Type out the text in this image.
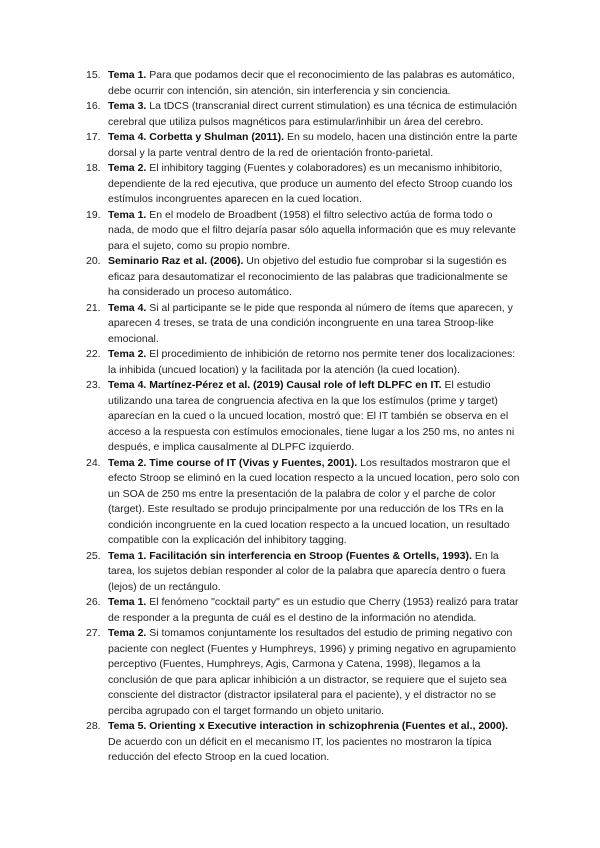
15. Tema 1. Para que podamos decir que el reconocimiento de las palabras es automático, debe ocurrir con intención, sin atención, sin interferencia y sin conciencia.
16. Tema 3. La tDCS (transcranial direct current stimulation) es una técnica de estimulación cerebral que utiliza pulsos magnéticos para estimular/inhibir un área del cerebro.
17. Tema 4. Corbetta y Shulman (2011). En su modelo, hacen una distinción entre la parte dorsal y la parte ventral dentro de la red de orientación fronto-parietal.
18. Tema 2. El inhibitory tagging (Fuentes y colaboradores) es un mecanismo inhibitorio, dependiente de la red ejecutiva, que produce un aumento del efecto Stroop cuando los estímulos incongruentes aparecen en la cued location.
19. Tema 1. En el modelo de Broadbent (1958) el filtro selectivo actúa de forma todo o nada, de modo que el filtro dejaría pasar sólo aquella información que es muy relevante para el sujeto, como su propio nombre.
20. Seminario Raz et al. (2006). Un objetivo del estudio fue comprobar si la sugestión es eficaz para desautomatizar el reconocimiento de las palabras que tradicionalmente se ha considerado un proceso automático.
21. Tema 4. Si al participante se le pide que responda al número de ítems que aparecen, y aparecen 4 treses, se trata de una condición incongruente en una tarea Stroop-like emocional.
22. Tema 2. El procedimiento de inhibición de retorno nos permite tener dos localizaciones: la inhibida (uncued location) y la facilitada por la atención (la cued location).
23. Tema 4. Martínez-Pérez et al. (2019) Causal role of left DLPFC en IT. El estudio utilizando una tarea de congruencia afectiva en la que los estímulos (prime y target) aparecían en la cued o la uncued location, mostró que: El IT también se observa en el acceso a la respuesta con estímulos emocionales, tiene lugar a los 250 ms, no antes ni después, e implica causalmente al DLPFC izquierdo.
24. Tema 2. Time course of IT (Vivas y Fuentes, 2001). Los resultados mostraron que el efecto Stroop se eliminó en la cued location respecto a la uncued location, pero solo con un SOA de 250 ms entre la presentación de la palabra de color y el parche de color (target). Este resultado se produjo principalmente por una reducción de los TRs en la condición incongruente en la cued location respecto a la uncued location, un resultado compatible con la explicación del inhibitory tagging.
25. Tema 1. Facilitación sin interferencia en Stroop (Fuentes & Ortells, 1993). En la tarea, los sujetos debían responder al color de la palabra que aparecía dentro o fuera (lejos) de un rectángulo.
26. Tema 1. El fenómeno "cocktail party" es un estudio que Cherry (1953) realizó para tratar de responder a la pregunta de cuál es el destino de la información no atendida.
27. Tema 2. Si tomamos conjuntamente los resultados del estudio de priming negativo con paciente con neglect (Fuentes y Humphreys, 1996) y priming negativo en agrupamiento perceptivo (Fuentes, Humphreys, Agis, Carmona y Catena, 1998), llegamos a la conclusión de que para aplicar inhibición a un distractor, se requiere que el sujeto sea consciente del distractor (distractor ipsilateral para el paciente), y el distractor no se perciba agrupado con el target formando un objeto unitario.
28. Tema 5. Orienting x Executive interaction in schizophrenia (Fuentes et al., 2000). De acuerdo con un déficit en el mecanismo IT, los pacientes no mostraron la típica reducción del efecto Stroop en la cued location.
